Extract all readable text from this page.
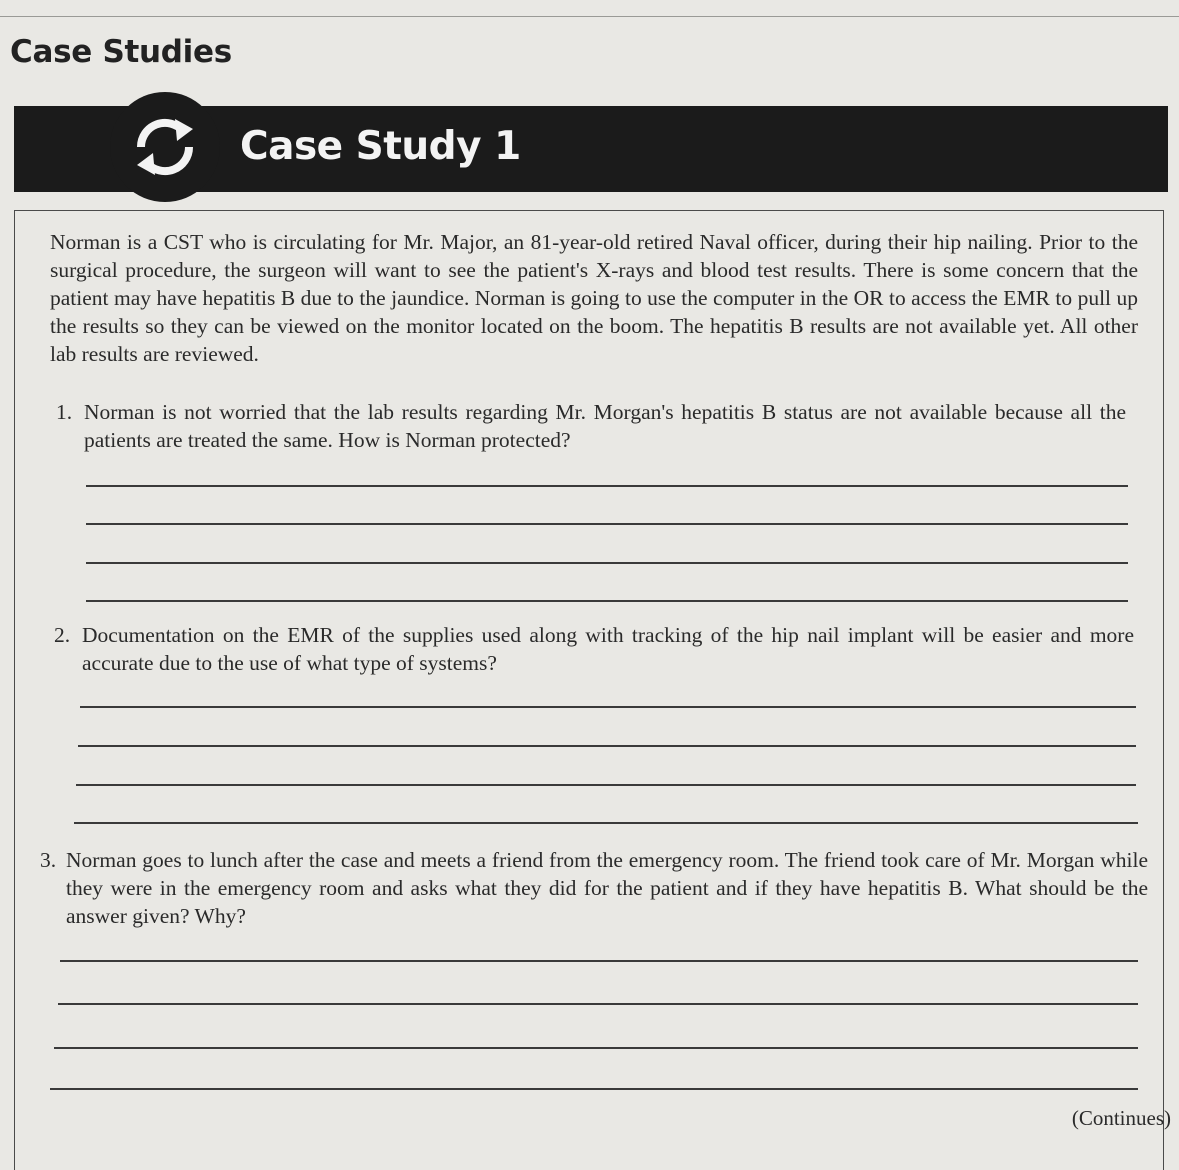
Case Studies
Case Study 1

Norman is a CST who is circulating for Mr. Major, an 81-year-old retired Naval officer, during their hip nailing. Prior to the surgical procedure, the surgeon will want to see the patient's X-rays and blood test results. There is some concern that the patient may have hepatitis B due to the jaundice. Norman is going to use the computer in the OR to access the EMR to pull up the results so they can be viewed on the monitor located on the boom. The hepatitis B results are not available yet. All other lab results are reviewed.

1. Norman is not worried that the lab results regarding Mr. Morgan's hepatitis B status are not available because all the patients are treated the same. How is Norman protected?
2. Documentation on the EMR of the supplies used along with tracking of the hip nail implant will be easier and more accurate due to the use of what type of systems?
3. Norman goes to lunch after the case and meets a friend from the emergency room. The friend took care of Mr. Morgan while they were in the emergency room and asks what they did for the patient and if they have hepatitis B. What should be the answer given? Why?

(Continues)
